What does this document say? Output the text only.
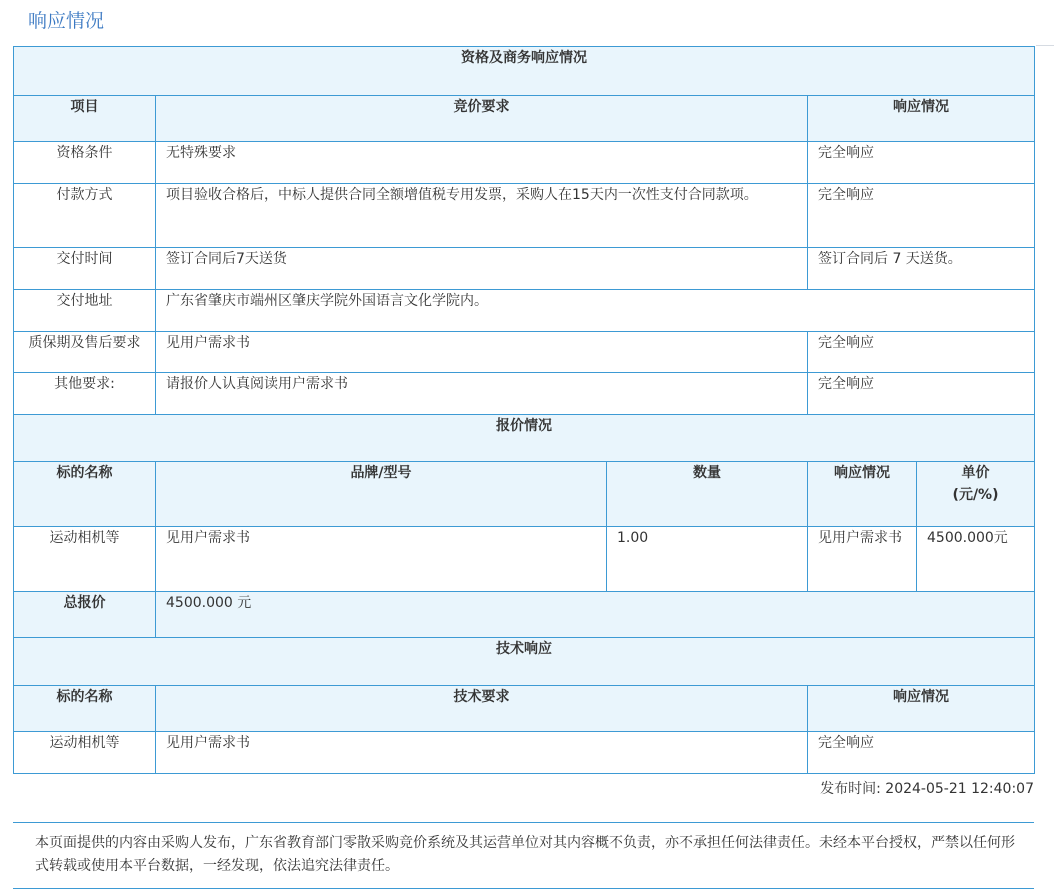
响应情况
资格及商务响应情况				
项目	竞价要求		响应情况	
资格条件	无特殊要求		完全响应	
付款方式	项目验收合格后，中标人提供合同全额增值税专用发票，采购人在15天内一次性支付合同款项。		完全响应	
交付时间	签订合同后7天送货		签订合同后 7 天送货。	
交付地址	广东省肇庆市端州区肇庆学院外国语言文化学院内。			
质保期及售后要求	见用户需求书		完全响应	
其他要求:	请报价人认真阅读用户需求书		完全响应	
报价情况				
标的名称	品牌/型号	数量	响应情况	单价
(元/%)

运动相机等	见用户需求书	1.00	见用户需求书	4500.000元
总报价	4500.000 元			
技术响应				
标的名称	技术要求		响应情况	
运动相机等	见用户需求书		完全响应	
发布时间: 2024-05-21 12:40:07
本页面提供的内容由采购人发布，广东省教育部门零散采购竞价系统及其运营单位对其内容概不负责，亦不承担任何法律责任。未经本平台授权，严禁以任何形式转载或使用本平台数据，一经发现，依法追究法律责任。
